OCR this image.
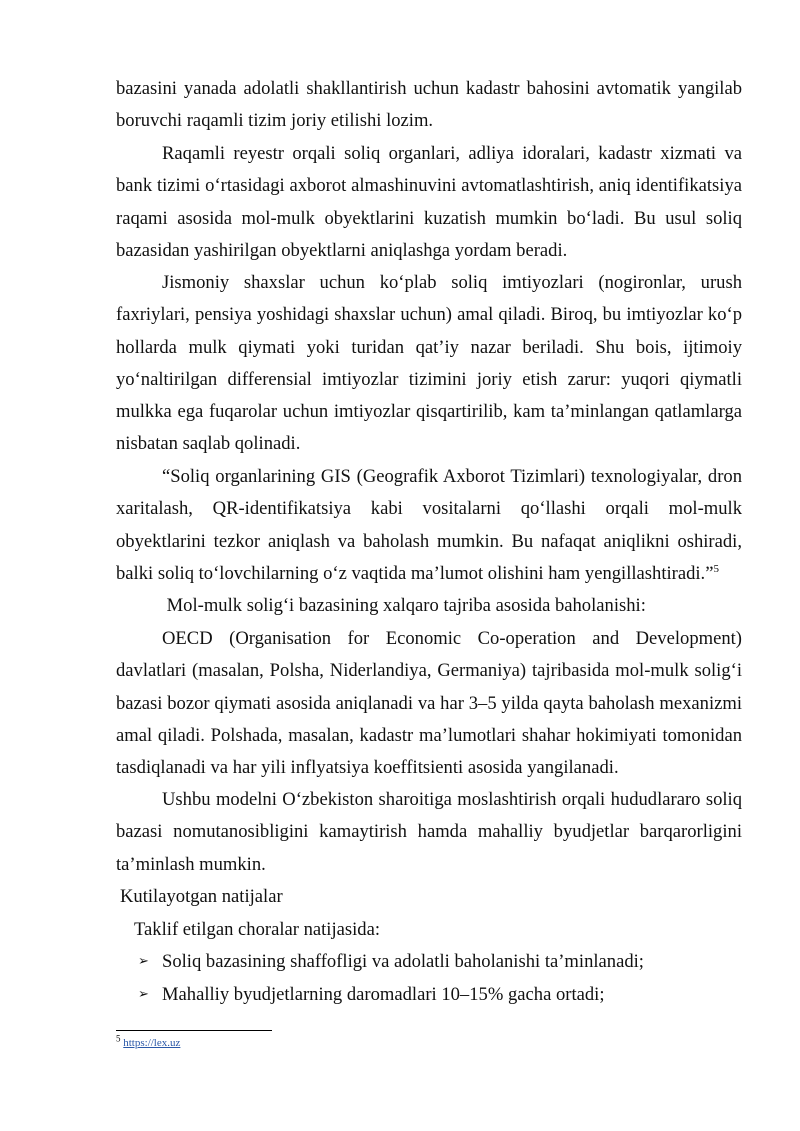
bazasini yanada adolatli shakllantirish uchun kadastr bahosini avtomatik yangilab
boruvchi raqamli tizim joriy etilishi lozim.
Raqamli reyestr orqali soliq organlari, adliya idoralari, kadastr xizmati va
bank tizimi o‘rtasidagi axborot almashinuvini avtomatlashtirish, aniq identifikatsiya
raqami asosida mol-mulk obyektlarini kuzatish mumkin bo‘ladi. Bu usul soliq
bazasidan yashirilgan obyektlarni aniqlashga yordam beradi.
Jismoniy shaxslar uchun ko‘plab soliq imtiyozlari (nogironlar, urush
faxriylari, pensiya yoshidagi shaxslar uchun) amal qiladi. Biroq, bu imtiyozlar ko‘p
hollarda mulk qiymati yoki turidan qat’iy nazar beriladi. Shu bois, ijtimoiy
yo‘naltirilgan differensial imtiyozlar tizimini joriy etish zarur: yuqori qiymatli
mulkka ega fuqarolar uchun imtiyozlar qisqartirilib, kam ta’minlangan qatlamlarga
nisbatan saqlab qolinadi.
“Soliq organlarining GIS (Geografik Axborot Tizimlari) texnologiyalar, dron
xaritalash, QR-identifikatsiya kabi vositalarni qo‘llashi orqali mol-mulk
obyektlarini tezkor aniqlash va baholash mumkin. Bu nafaqat aniqlikni oshiradi,
balki soliq to‘lovchilarning o‘z vaqtida ma’lumot olishini ham yengillashtiradi.”$^5$
Mol-mulk solig‘i bazasining xalqaro tajriba asosida baholanishi:
OECD (Organisation for Economic Co-operation and Development)
davlatlari (masalan, Polsha, Niderlandiya, Germaniya) tajribasida mol-mulk solig‘i
bazasi bozor qiymati asosida aniqlanadi va har 3–5 yilda qayta baholash mexanizmi
amal qiladi. Polshada, masalan, kadastr ma’lumotlari shahar hokimiyati tomonidan
tasdiqlanadi va har yili inflyatsiya koeffitsienti asosida yangilanadi.
Ushbu modelni O‘zbekiston sharoitiga moslashtirish orqali hududlararo soliq
bazasi nomutanosibligini kamaytirish hamda mahalliy byudjetlar barqarorligini
ta’minlash mumkin.
Kutilayotgan natijalar
Taklif etilgan choralar natijasida:
➢ Soliq bazasining shaffofligi va adolatli baholanishi ta’minlanadi;
➢ Mahalliy byudjetlarning daromadlari 10–15% gacha ortadi;
$^5$ https://lex.uz
